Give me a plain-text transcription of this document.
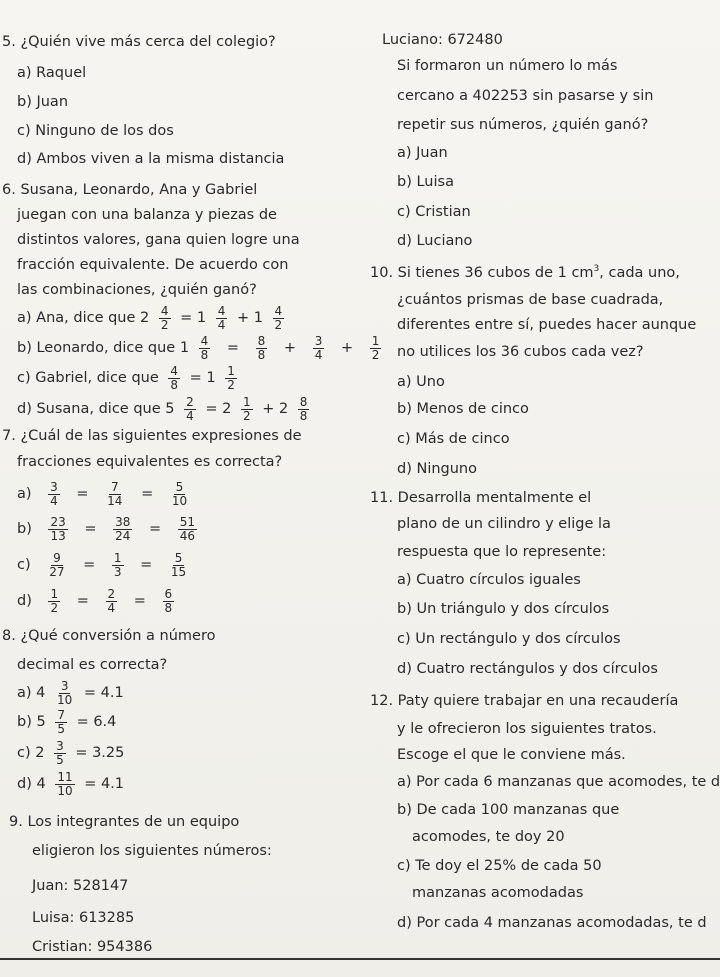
5. ¿Quién vive más cerca del colegio?
a) Raquel
b) Juan
c) Ninguno de los dos
d) Ambos viven a la misma distancia
6. Susana, Leonardo, Ana y Gabriel
juegan con una balanza y piezas de
distintos valores, gana quien logre una
fracción equivalente. De acuerdo con
las combinaciones, ¿quién ganó?
a) Ana, dice que $2 \frac{4}{2} = 1 \frac{4}{4} + 1 \frac{4}{2}$
b) Leonardo, dice que $1 \frac{4}{8} = \frac{8}{8} + \frac{3}{4} + \frac{1}{2}$
c) Gabriel, dice que $\frac{4}{8} = 1 \frac{1}{2}$
d) Susana, dice que $5 \frac{2}{4} = 2 \frac{1}{2} + 2 \frac{8}{8}$
7. ¿Cuál de las siguientes expresiones de
fracciones equivalentes es correcta?
$a) \frac{3}{4} = \frac{7}{14} = \frac{5}{10}$
$b) \frac{23}{13} = \frac{38}{24} = \frac{51}{46}$
$c) \frac{9}{27} = \frac{1}{3} = \frac{5}{15}$
$d) \frac{1}{2} = \frac{2}{4} = \frac{6}{8}$
8. ¿Qué conversión a número
decimal es correcta?
a) $4 \frac{3}{10} = 4.1$
b) $5 \frac{7}{5} = 6.4$
c) $2 \frac{3}{5} = 3.25$
d) $4 \frac{11}{10} = 4.1$
9. Los integrantes de un equipo
eligieron los siguientes números:
Juan: 528147
Luisa: 613285
Cristian: 954386
Luciano: 672480
Si formaron un número lo más
cercano a 402253 sin pasarse y sin
repetir sus números, ¿quién ganó?
a) Juan
b) Luisa
c) Cristian
d) Luciano
10. Si tienes 36 cubos de 1 $cm^3$, cada uno,
¿cuántos prismas de base cuadrada,
diferentes entre sí, puedes hacer aunque
no utilices los 36 cubos cada vez?
a) Uno
b) Menos de cinco
c) Más de cinco
d) Ninguno
11. Desarrolla mentalmente el
plano de un cilindro y elige la
respuesta que lo represente:
a) Cuatro círculos iguales
b) Un triángulo y dos círculos
c) Un rectángulo y dos círculos
d) Cuatro rectángulos y dos círculos
12. Paty quiere trabajar en una recaudería
y le ofrecieron los siguientes tratos.
Escoge el que le conviene más.
a) Por cada 6 manzanas que acomodes, te d
b) De cada 100 manzanas que
acomodes, te doy 20
c) Te doy el 25% de cada 50
manzanas acomodadas
d) Por cada 4 manzanas acomodadas, te d
